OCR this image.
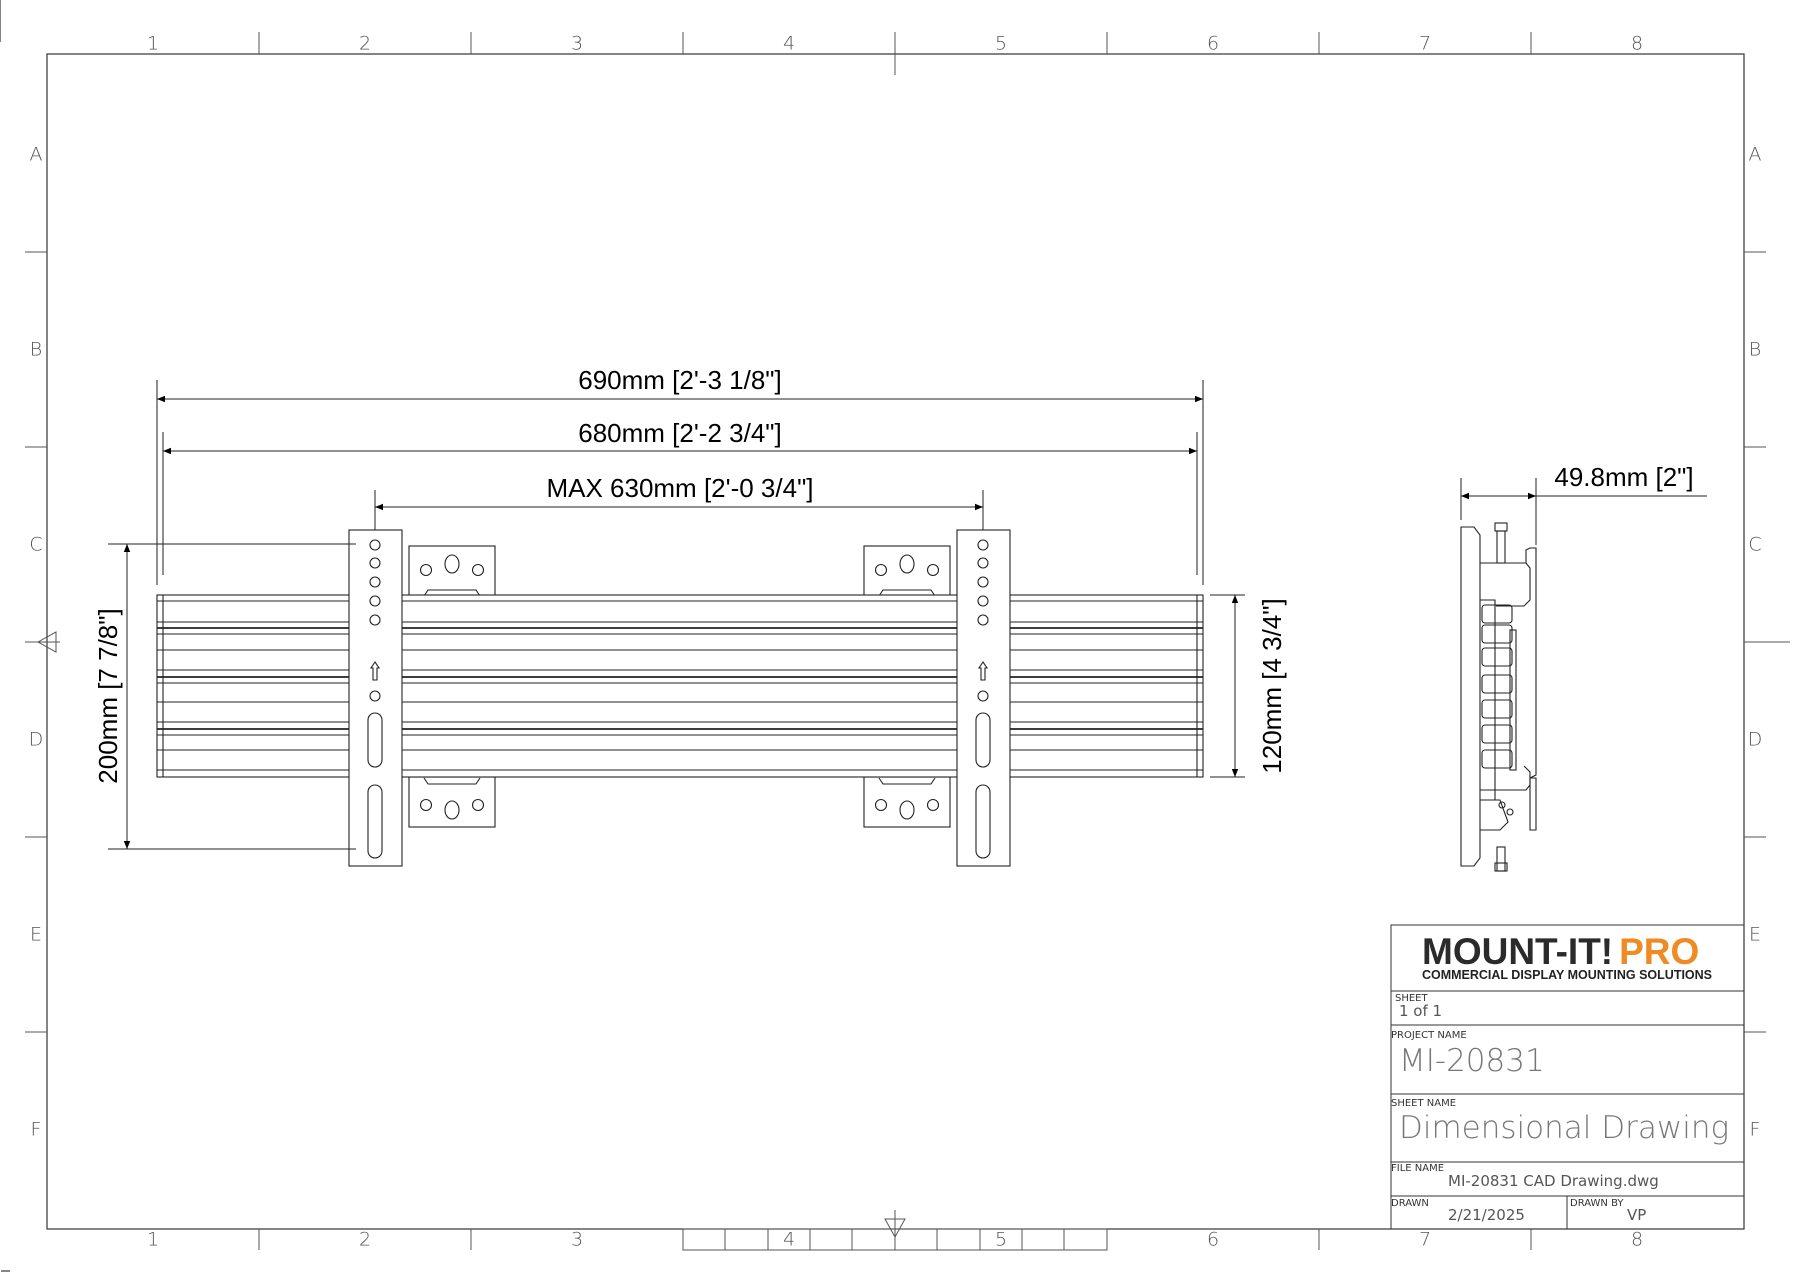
1
1
2
2
3
3
4
4
5
5
6
6
7
7
8
8
A	A
B	B
C	C
D	D
E	E
F	F
690mm [2'-3 1/8"]
680mm [2'-2 3/4"]
MAX 630mm [2'-0 3/4"]
200mm [7 7/8"]	120mm [4 3/4"]
49.8mm [2"]
MOUNT-IT! PRO
COMMERCIAL DISPLAY MOUNTING SOLUTIONS
SHEET
1 of 1
PROJECT NAME
MI-20831
SHEET NAME
Dimensional Drawing
FILE NAME
MI-20831 CAD Drawing.dwg
DRAWN
2/21/2025
DRAWN BY
VP
